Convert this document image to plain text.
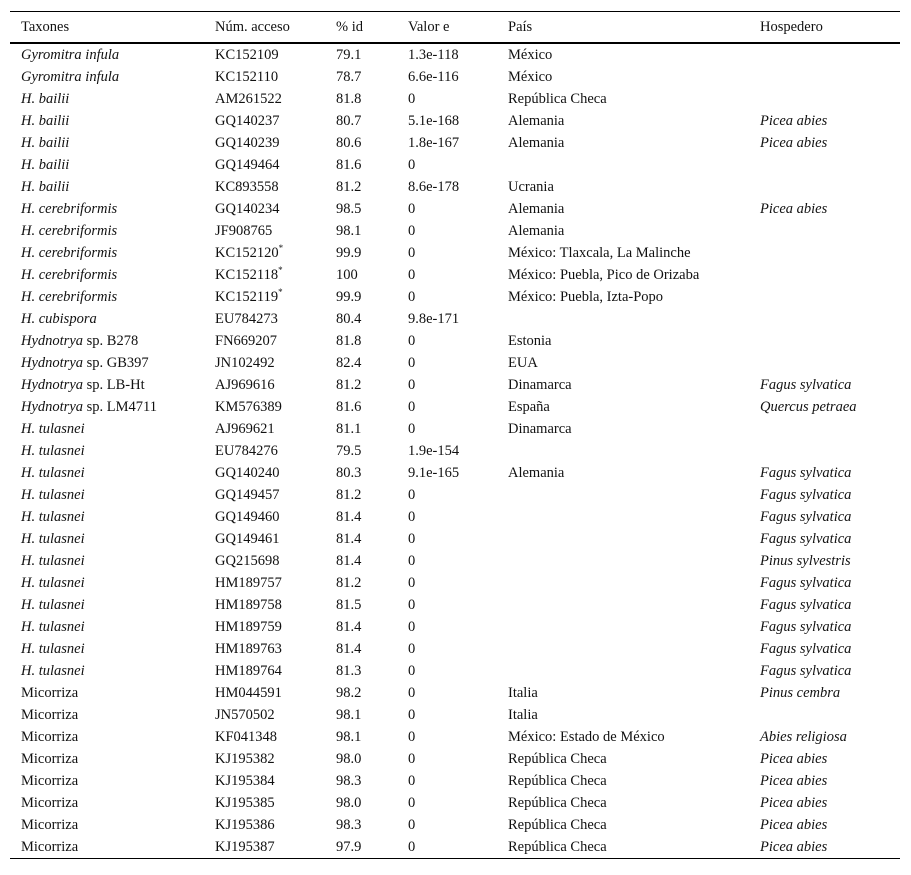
Taxones	Núm. acceso	% id	Valor e	País	Hospedero
Gyromitra infula	KC152109	79.1	1.3e-118	México	
Gyromitra infula	KC152110	78.7	6.6e-116	México	
H. bailii	AM261522	81.8	0	República Checa	
H. bailii	GQ140237	80.7	5.1e-168	Alemania	Picea abies
H. bailii	GQ140239	80.6	1.8e-167	Alemania	Picea abies
H. bailii	GQ149464	81.6	0		
H. bailii	KC893558	81.2	8.6e-178	Ucrania	
H. cerebriformis	GQ140234	98.5	0	Alemania	Picea abies
H. cerebriformis	JF908765	98.1	0	Alemania	
H. cerebriformis	KC152120*	99.9	0	México: Tlaxcala, La Malinche	
H. cerebriformis	KC152118*	100	0	México: Puebla, Pico de Orizaba	
H. cerebriformis	KC152119*	99.9	0	México: Puebla, Izta-Popo	
H. cubispora	EU784273	80.4	9.8e-171		
Hydnotrya sp. B278	FN669207	81.8	0	Estonia	
Hydnotrya sp. GB397	JN102492	82.4	0	EUA	
Hydnotrya sp. LB-Ht	AJ969616	81.2	0	Dinamarca	Fagus sylvatica
Hydnotrya sp. LM4711	KM576389	81.6	0	España	Quercus petraea
H. tulasnei	AJ969621	81.1	0	Dinamarca	
H. tulasnei	EU784276	79.5	1.9e-154		
H. tulasnei	GQ140240	80.3	9.1e-165	Alemania	Fagus sylvatica
H. tulasnei	GQ149457	81.2	0		Fagus sylvatica
H. tulasnei	GQ149460	81.4	0		Fagus sylvatica
H. tulasnei	GQ149461	81.4	0		Fagus sylvatica
H. tulasnei	GQ215698	81.4	0		Pinus sylvestris
H. tulasnei	HM189757	81.2	0		Fagus sylvatica
H. tulasnei	HM189758	81.5	0		Fagus sylvatica
H. tulasnei	HM189759	81.4	0		Fagus sylvatica
H. tulasnei	HM189763	81.4	0		Fagus sylvatica
H. tulasnei	HM189764	81.3	0		Fagus sylvatica
Micorriza	HM044591	98.2	0	Italia	Pinus cembra
Micorriza	JN570502	98.1	0	Italia	
Micorriza	KF041348	98.1	0	México: Estado de México	Abies religiosa
Micorriza	KJ195382	98.0	0	República Checa	Picea abies
Micorriza	KJ195384	98.3	0	República Checa	Picea abies
Micorriza	KJ195385	98.0	0	República Checa	Picea abies
Micorriza	KJ195386	98.3	0	República Checa	Picea abies
Micorriza	KJ195387	97.9	0	República Checa	Picea abies
